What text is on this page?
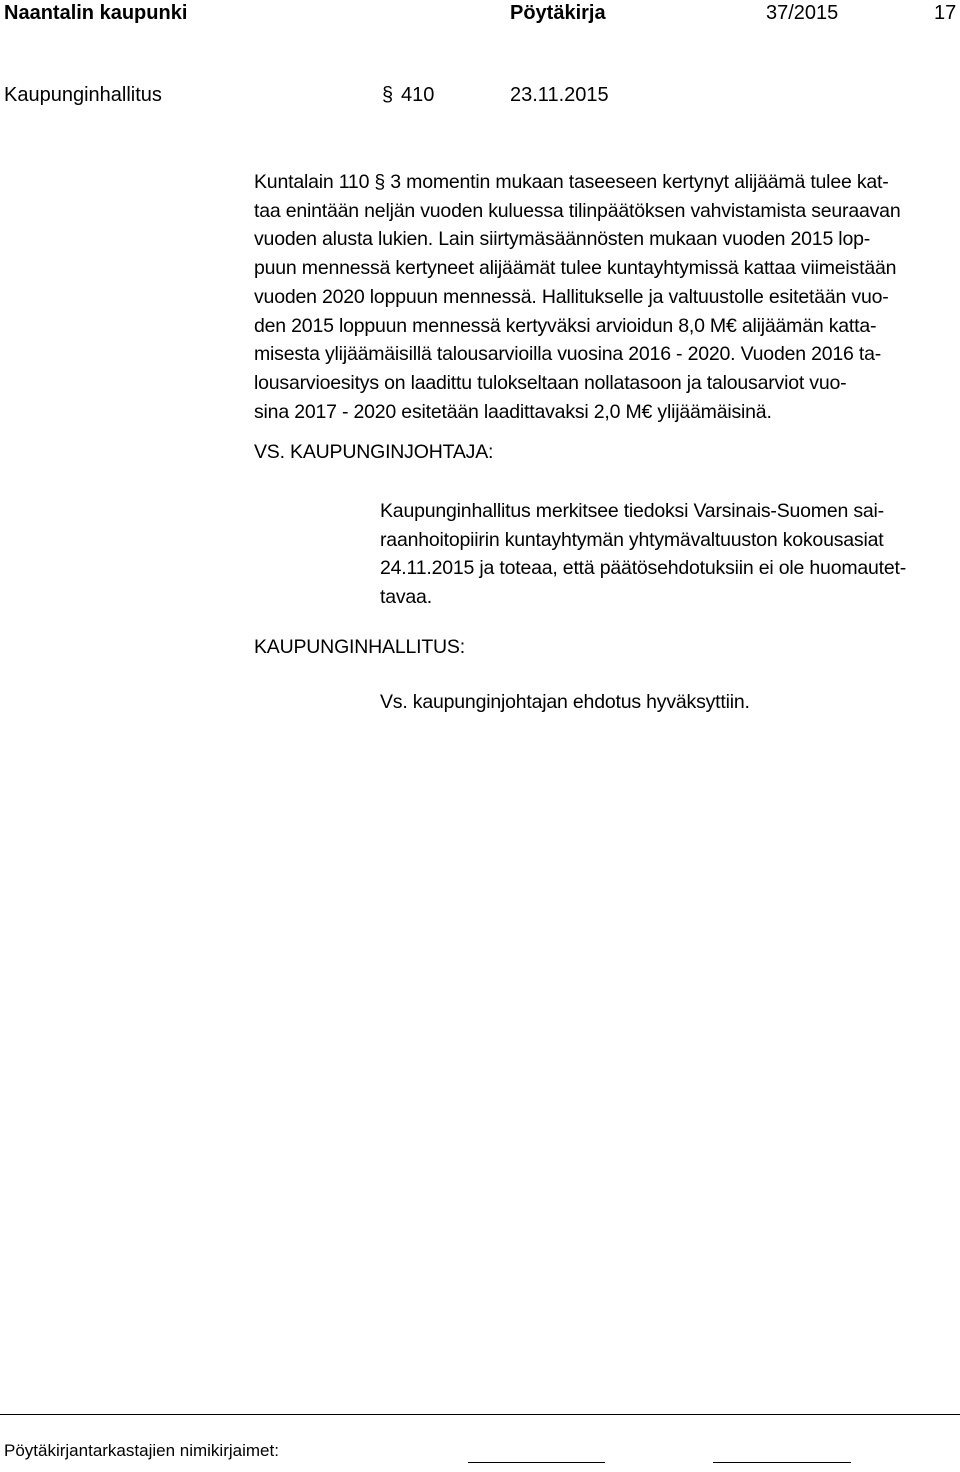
Naantalin kaupunki	Pöytäkirja	37/2015	17
Kaupunginhallitus	§ 410	23.11.2015
Kuntalain 110 § 3 momentin mukaan taseeseen kertynyt alijäämä tulee kat-
taa enintään neljän vuoden kuluessa tilinpäätöksen vahvistamista seuraavan
vuoden alusta lukien. Lain siirtymäsäännösten mukaan vuoden 2015 lop-
puun mennessä kertyneet alijäämät tulee kuntayhtymissä kattaa viimeistään
vuoden 2020 loppuun mennessä. Hallitukselle ja valtuustolle esitetään vuo-
den 2015 loppuun mennessä kertyväksi arvioidun 8,0 M€ alijäämän katta-
misesta ylijäämäisillä talousarvioilla vuosina 2016 - 2020. Vuoden 2016 ta-
lousarvioesitys on laadittu tulokseltaan nollatasoon ja talousarviot vuo-
sina 2017 - 2020 esitetään laadittavaksi 2,0 M€ ylijäämäisinä.
VS. KAUPUNGINJOHTAJA:
Kaupunginhallitus merkitsee tiedoksi Varsinais-Suomen sai-
raanhoitopiirin kuntayhtymän yhtymävaltuuston kokousasiat
24.11.2015 ja toteaa, että päätösehdotuksiin ei ole huomautet-
tavaa.
KAUPUNGINHALLITUS:
Vs. kaupunginjohtajan ehdotus hyväksyttiin.
Pöytäkirjantarkastajien nimikirjaimet:
